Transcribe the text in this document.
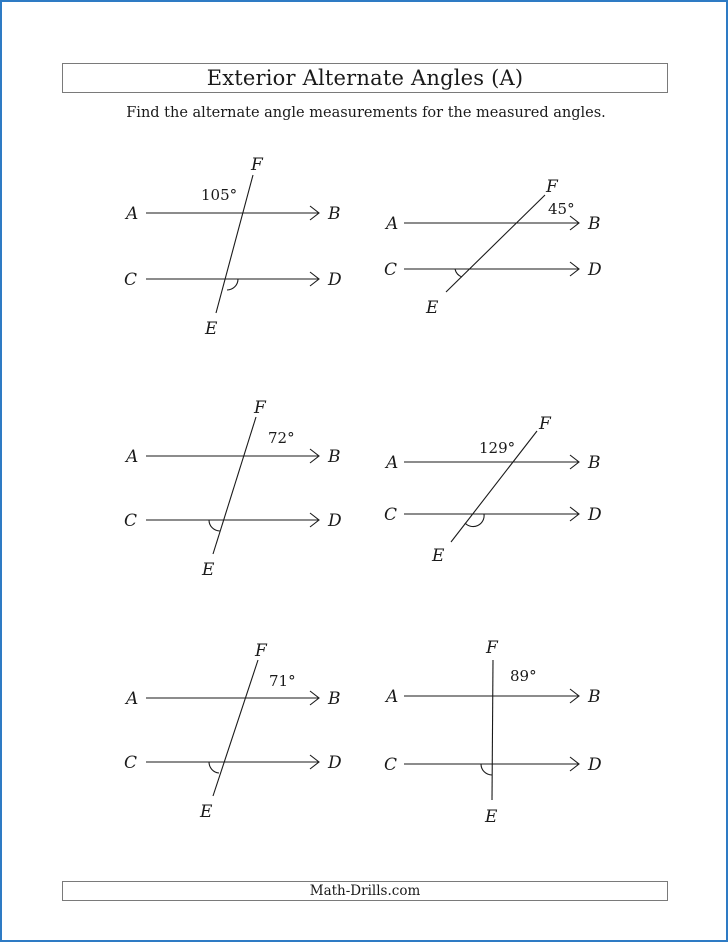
Exterior Alternate Angles (A)
Find the alternate angle measurements for the measured angles.
Math-Drills.com
A	B
C	D
E
F
105°
A	B
C	D
E
F
45°
A	B
C	D
E
F
72°
A	B
C	D
E
F
129°
A	B
C	D
E
F
71°
A	B
C	D
E
F
89°
